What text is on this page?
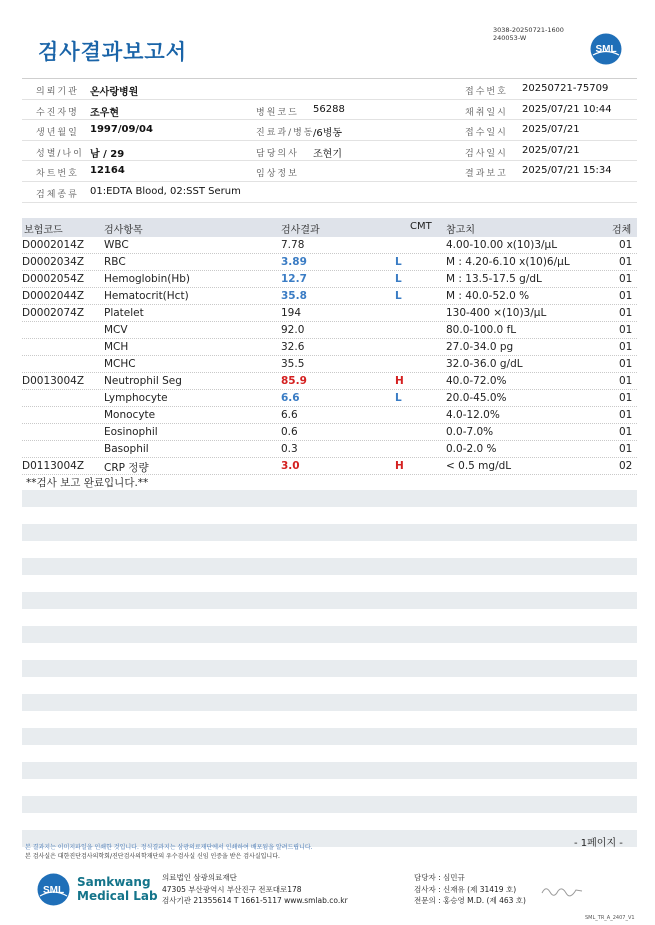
검사결과보고서
3038-20250721-1600
240053-W
SML
의뢰기관 온사랑병원	접수번호 20250721-75709
수진자명 조우현	병원코드 56288	채취일시 2025/07/21 10:44
생년월일 1997/09/04	진료과/병동
/6병동	접수일시 2025/07/21
성별/나이 남 / 29	담당의사 조현기	검사일시 2025/07/21
차트번호 12164	임상정보	결과보고 2025/07/21 15:34
검체종류 01:EDTA Blood, 02:SST Serum
보험코드	검사항목	검사결과	CMT 참고치	검체
D0002014Z WBC	7.78	4.00-10.00 x(10)3/μL	01
D0002034Z RBC	3.89	L	M : 4.20-6.10 x(10)6/μL	01
D0002054Z Hemoglobin(Hb)	12.7	L	M : 13.5-17.5 g/dL	01
D0002044Z Hematocrit(Hct)	35.8	L	M : 40.0-52.0 %	01
D0002074Z Platelet	194	130-400 ×(10)3/μL	01
MCV	92.0	80.0-100.0 fL	01
MCH	32.6	27.0-34.0 pg	01
MCHC	35.5	32.0-36.0 g/dL	01
D0013004Z Neutrophil Seg	85.9	H	40.0-72.0%	01
Lymphocyte	6.6	L	20.0-45.0%	01
Monocyte	6.6	4.0-12.0%	01
Eosinophil	0.6	0.0-7.0%	01
Basophil	0.3	0.0-2.0 %	01
D0113004Z CRP 정량	3.0	H	< 0.5 mg/dL	02
**검사 보고 완료입니다.**
- 1페이지 -
본 결과지는 이미지파일을 인쇄한 것입니다. 정식결과지는 삼광의료재단에서 인쇄하여 배포됨을 알려드립니다.
본 검사실은 대한진단검사의학회/진단검사의학재단의 우수검사실 신임 인증을 받은 검사실입니다.
SML
Samkwang
Medical Lab
의료법인 삼광의료재단
47305 부산광역시 부산진구 전포대로178
검사기관 21355614 T 1661-5117 www.smlab.co.kr
담당자 : 심민규
검사자 : 신재유 (제 31419 호)
전문의 : 홍승영 M.D. (제 463 호)
SML_TR_A_2407_V1
